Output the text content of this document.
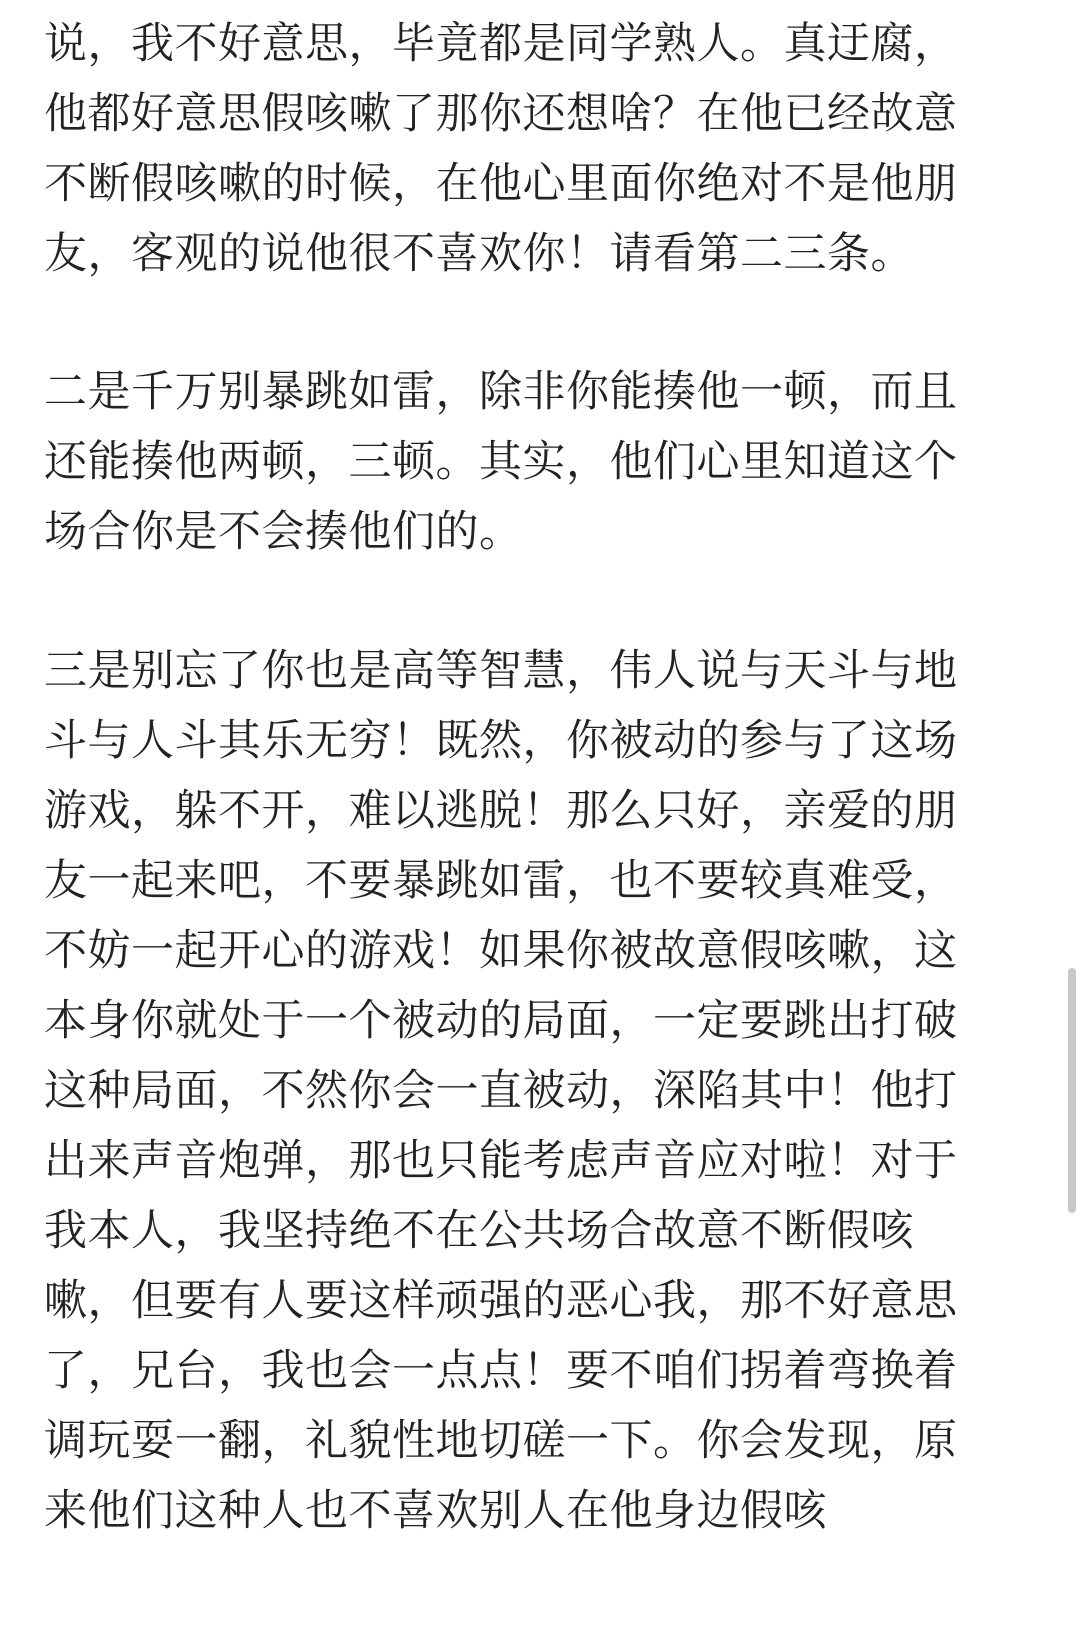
说，我不好意思，毕竟都是同学熟人。真迂腐，

他都好意思假咳嗽了那你还想啥？在他已经故意

不断假咳嗽的时候，在他心里面你绝对不是他朋

友，客观的说他很不喜欢你！请看第二三条。

二是千万别暴跳如雷，除非你能揍他一顿，而且

还能揍他两顿，三顿。其实，他们心里知道这个

场合你是不会揍他们的。

三是别忘了你也是高等智慧，伟人说与天斗与地

斗与人斗其乐无穷！既然，你被动的参与了这场

游戏，躲不开，难以逃脱！那么只好，亲爱的朋

友一起来吧，不要暴跳如雷，也不要较真难受，

不妨一起开心的游戏！如果你被故意假咳嗽，这

本身你就处于一个被动的局面，一定要跳出打破

这种局面，不然你会一直被动，深陷其中！他打

出来声音炮弹，那也只能考虑声音应对啦！对于

我本人，我坚持绝不在公共场合故意不断假咳

嗽，但要有人要这样顽强的恶心我，那不好意思

了，兄台，我也会一点点！要不咱们拐着弯换着

调玩耍一翻，礼貌性地切磋一下。你会发现，原

来他们这种人也不喜欢别人在他身边假咳
